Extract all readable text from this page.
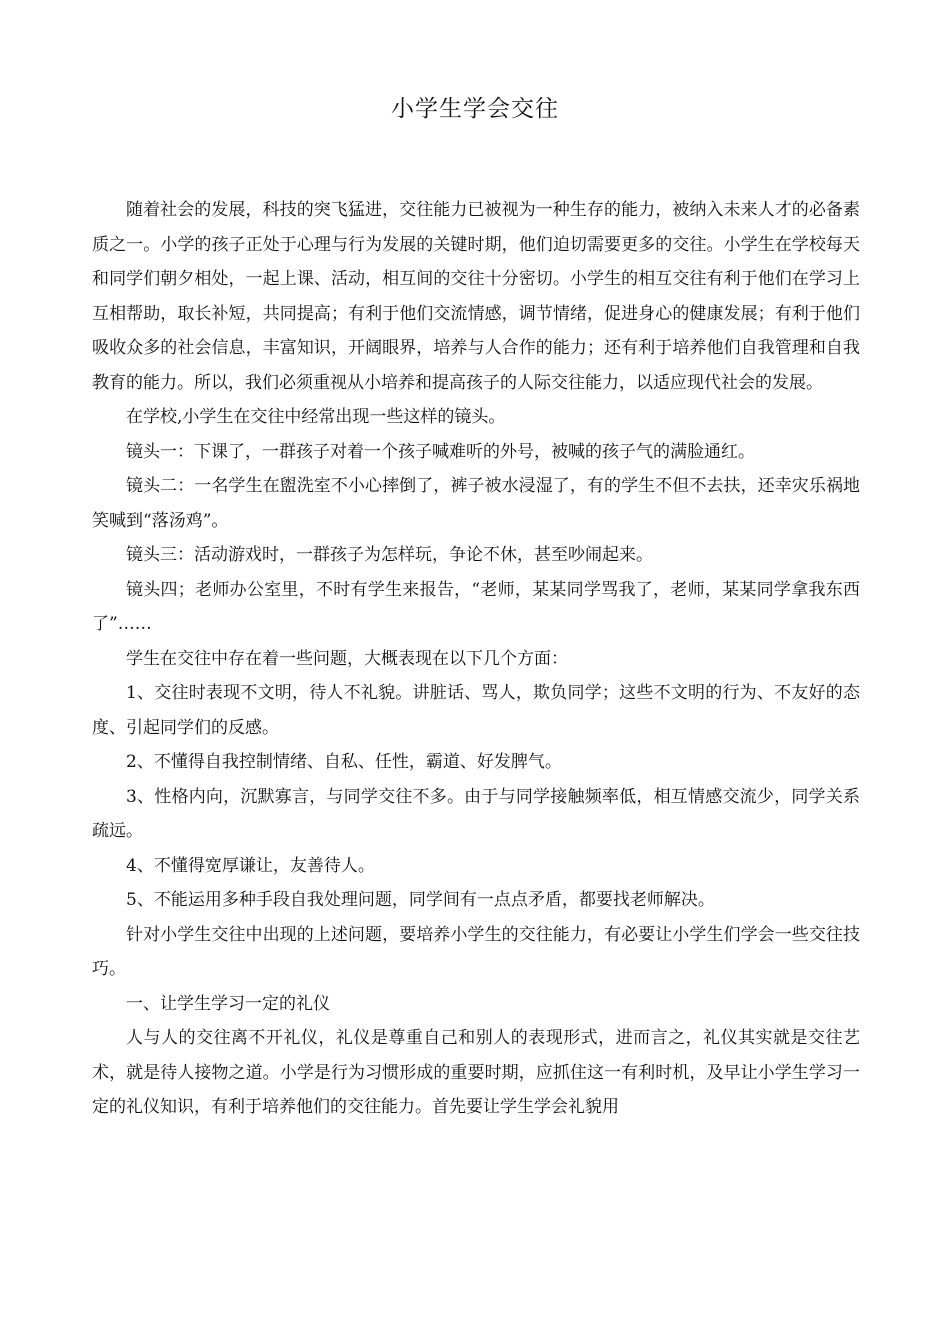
小学生学会交往

随着社会的发展，科技的突飞猛进，交往能力已被视为一种生存的能力，被纳入未来人才的必备素质之一。小学的孩子正处于心理与行为发展的关键时期，他们迫切需要更多的交往。小学生在学校每天和同学们朝夕相处，一起上课、活动，相互间的交往十分密切。小学生的相互交往有利于他们在学习上互相帮助，取长补短，共同提高；有利于他们交流情感，调节情绪，促进身心的健康发展；有利于他们吸收众多的社会信息，丰富知识，开阔眼界，培养与人合作的能力；还有利于培养他们自我管理和自我教育的能力。所以，我们必须重视从小培养和提高孩子的人际交往能力，以适应现代社会的发展。

在学校,小学生在交往中经常出现一些这样的镜头。

镜头一：下课了，一群孩子对着一个孩子喊难听的外号，被喊的孩子气的满脸通红。

镜头二：一名学生在盥洗室不小心摔倒了，裤子被水浸湿了，有的学生不但不去扶，还幸灾乐祸地笑喊到“落汤鸡”。

镜头三：活动游戏时，一群孩子为怎样玩，争论不休，甚至吵闹起来。

镜头四；老师办公室里，不时有学生来报告，“老师，某某同学骂我了，老师，某某同学拿我东西了”……

学生在交往中存在着一些问题，大概表现在以下几个方面：

1、交往时表现不文明，待人不礼貌。讲脏话、骂人，欺负同学；这些不文明的行为、不友好的态度、引起同学们的反感。

2、不懂得自我控制情绪、自私、任性，霸道、好发脾气。

3、性格内向，沉默寡言，与同学交往不多。由于与同学接触频率低，相互情感交流少，同学关系疏远。

4、不懂得宽厚谦让，友善待人。

5、不能运用多种手段自我处理问题，同学间有一点点矛盾，都要找老师解决。

针对小学生交往中出现的上述问题，要培养小学生的交往能力，有必要让小学生们学会一些交往技巧。

一、让学生学习一定的礼仪

人与人的交往离不开礼仪，礼仪是尊重自己和别人的表现形式，进而言之，礼仪其实就是交往艺术，就是待人接物之道。小学是行为习惯形成的重要时期，应抓住这一有利时机，及早让小学生学习一定的礼仪知识，有利于培养他们的交往能力。首先要让学生学会礼貌用
